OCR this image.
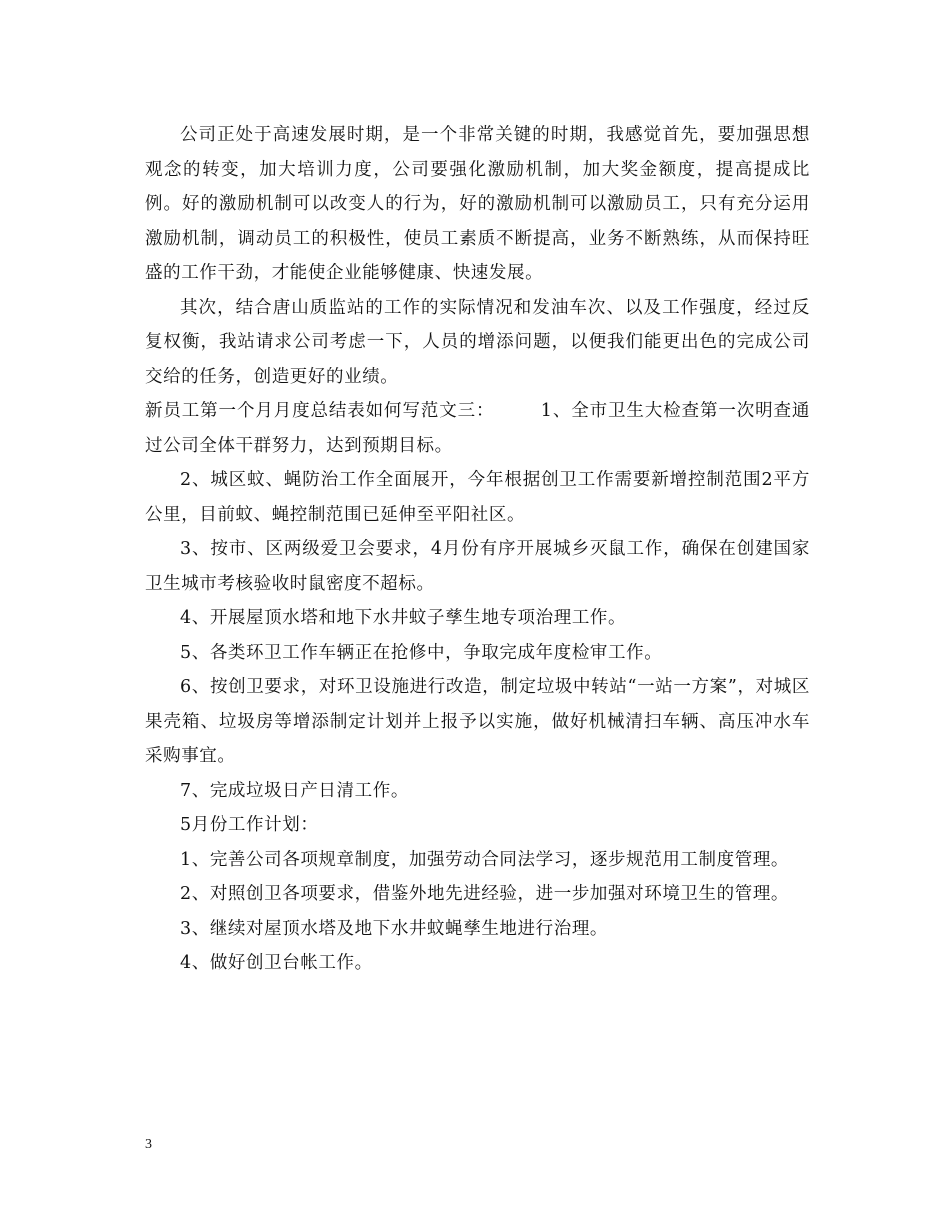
公司正处于高速发展时期，是一个非常关键的时期，我感觉首先，要加强思想观念的转变，加大培训力度，公司要强化激励机制，加大奖金额度，提高提成比例。好的激励机制可以改变人的行为，好的激励机制可以激励员工，只有充分运用激励机制，调动员工的积极性，使员工素质不断提高，业务不断熟练，从而保持旺盛的工作干劲，才能使企业能够健康、快速发展。

其次，结合唐山质监站的工作的实际情况和发油车次、以及工作强度，经过反复权衡，我站请求公司考虑一下，人员的增添问题，以便我们能更出色的完成公司交给的任务，创造更好的业绩。

新员工第一个月月度总结表如何写范文三：　　　1、全市卫生大检查第一次明查通过公司全体干群努力，达到预期目标。

2、城区蚊、蝇防治工作全面展开，今年根据创卫工作需要新增控制范围2平方公里，目前蚊、蝇控制范围已延伸至平阳社区。

3、按市、区两级爱卫会要求，4月份有序开展城乡灭鼠工作，确保在创建国家卫生城市考核验收时鼠密度不超标。

4、开展屋顶水塔和地下水井蚊子孳生地专项治理工作。

5、各类环卫工作车辆正在抢修中，争取完成年度检审工作。

6、按创卫要求，对环卫设施进行改造，制定垃圾中转站“一站一方案”，对城区果壳箱、垃圾房等增添制定计划并上报予以实施，做好机械清扫车辆、高压冲水车采购事宜。

7、完成垃圾日产日清工作。

5月份工作计划：

1、完善公司各项规章制度，加强劳动合同法学习，逐步规范用工制度管理。

2、对照创卫各项要求，借鉴外地先进经验，进一步加强对环境卫生的管理。

3、继续对屋顶水塔及地下水井蚊蝇孳生地进行治理。

4、做好创卫台帐工作。

3
